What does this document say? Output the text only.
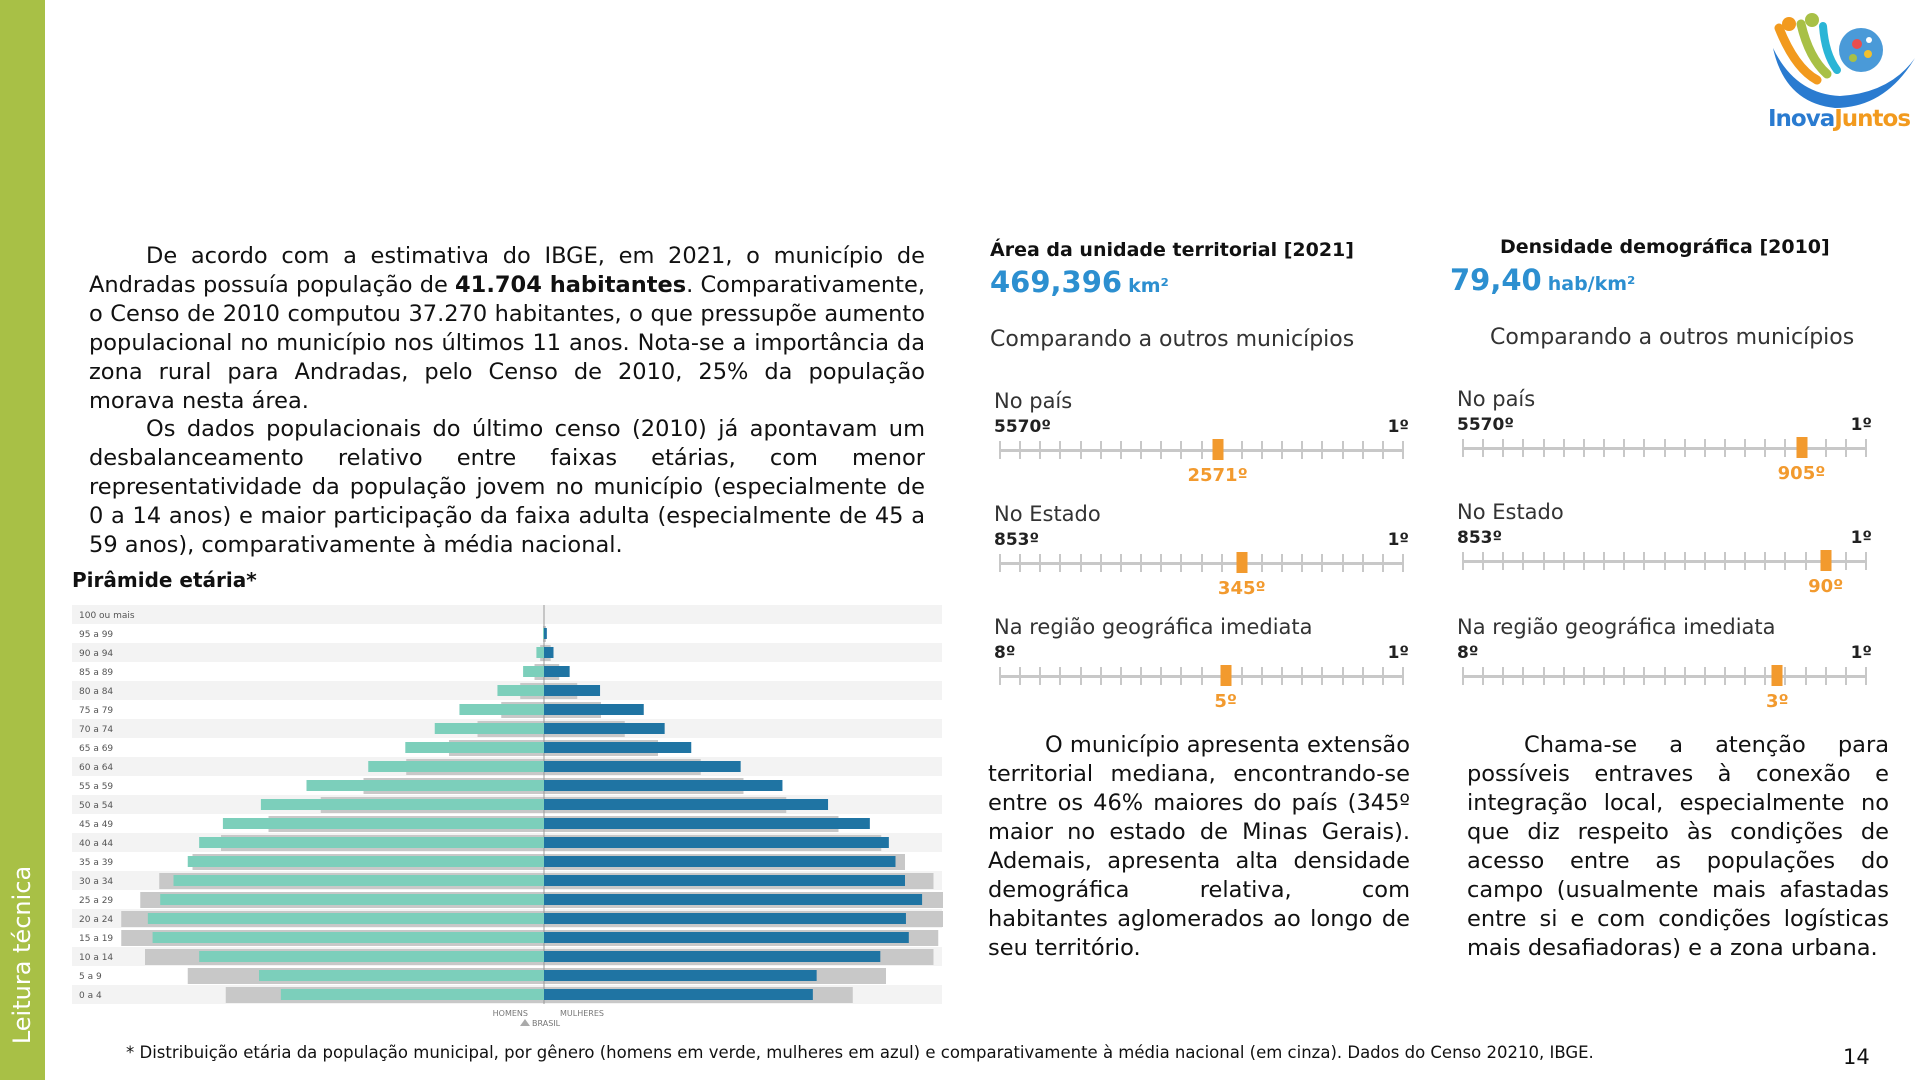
Leitura técnica
InovaJuntos

De acordo com a estimativa do IBGE, em 2021, o município de Andradas possuía população de 41.704 habitantes. Comparativamente, o Censo de 2010 computou 37.270 habitantes, o que pressupõe aumento populacional no município nos últimos 11 anos. Nota-se a importância da zona rural para Andradas, pelo Censo de 2010, 25% da população morava nesta área.

Os dados populacionais do último censo (2010) já apontavam um desbalanceamento relativo entre faixas etárias, com menor representatividade da população jovem no município (especialmente de 0 a 14 anos) e maior participação da faixa adulta (especialmente de 45 a 59 anos), comparativamente à média nacional.

Pirâmide etária*
100 ou mais
95 a 99
90 a 94
85 a 89
80 a 84
75 a 79
70 a 74
65 a 69
60 a 64
55 a 59
50 a 54
45 a 49
40 a 44
35 a 39
30 a 34
25 a 29
20 a 24
15 a 19
10 a 14
5 a 9
0 a 4
HOMENS	MULHERES
BRASIL
Área da unidade territorial [2021]
469,396 km²
Comparando a outros municípios
No país
5570º	1º
2571º
No Estado
853º	1º
345º
Na região geográfica imediata
8º	1º
5º
Densidade demográfica [2010]
79,40 hab/km²
Comparando a outros municípios
No país
5570º	1º
905º
No Estado
853º	1º
90º
Na região geográfica imediata
8º	1º
3º

O município apresenta extensão territorial mediana, encontrando-se entre os 46% maiores do país (345º maior no estado de Minas Gerais). Ademais, apresenta alta densidade demográfica relativa, com habitantes aglomerados ao longo de seu território.

Chama-se a atenção para possíveis entraves à conexão e integração local, especialmente no que diz respeito às condições de acesso entre as populações do campo (usualmente mais afastadas entre si e com condições logísticas mais desafiadoras) e a zona urbana.

* Distribuição etária da população municipal, por gênero (homens em verde, mulheres em azul) e comparativamente à média nacional (em cinza). Dados do Censo 20210, IBGE.	14
